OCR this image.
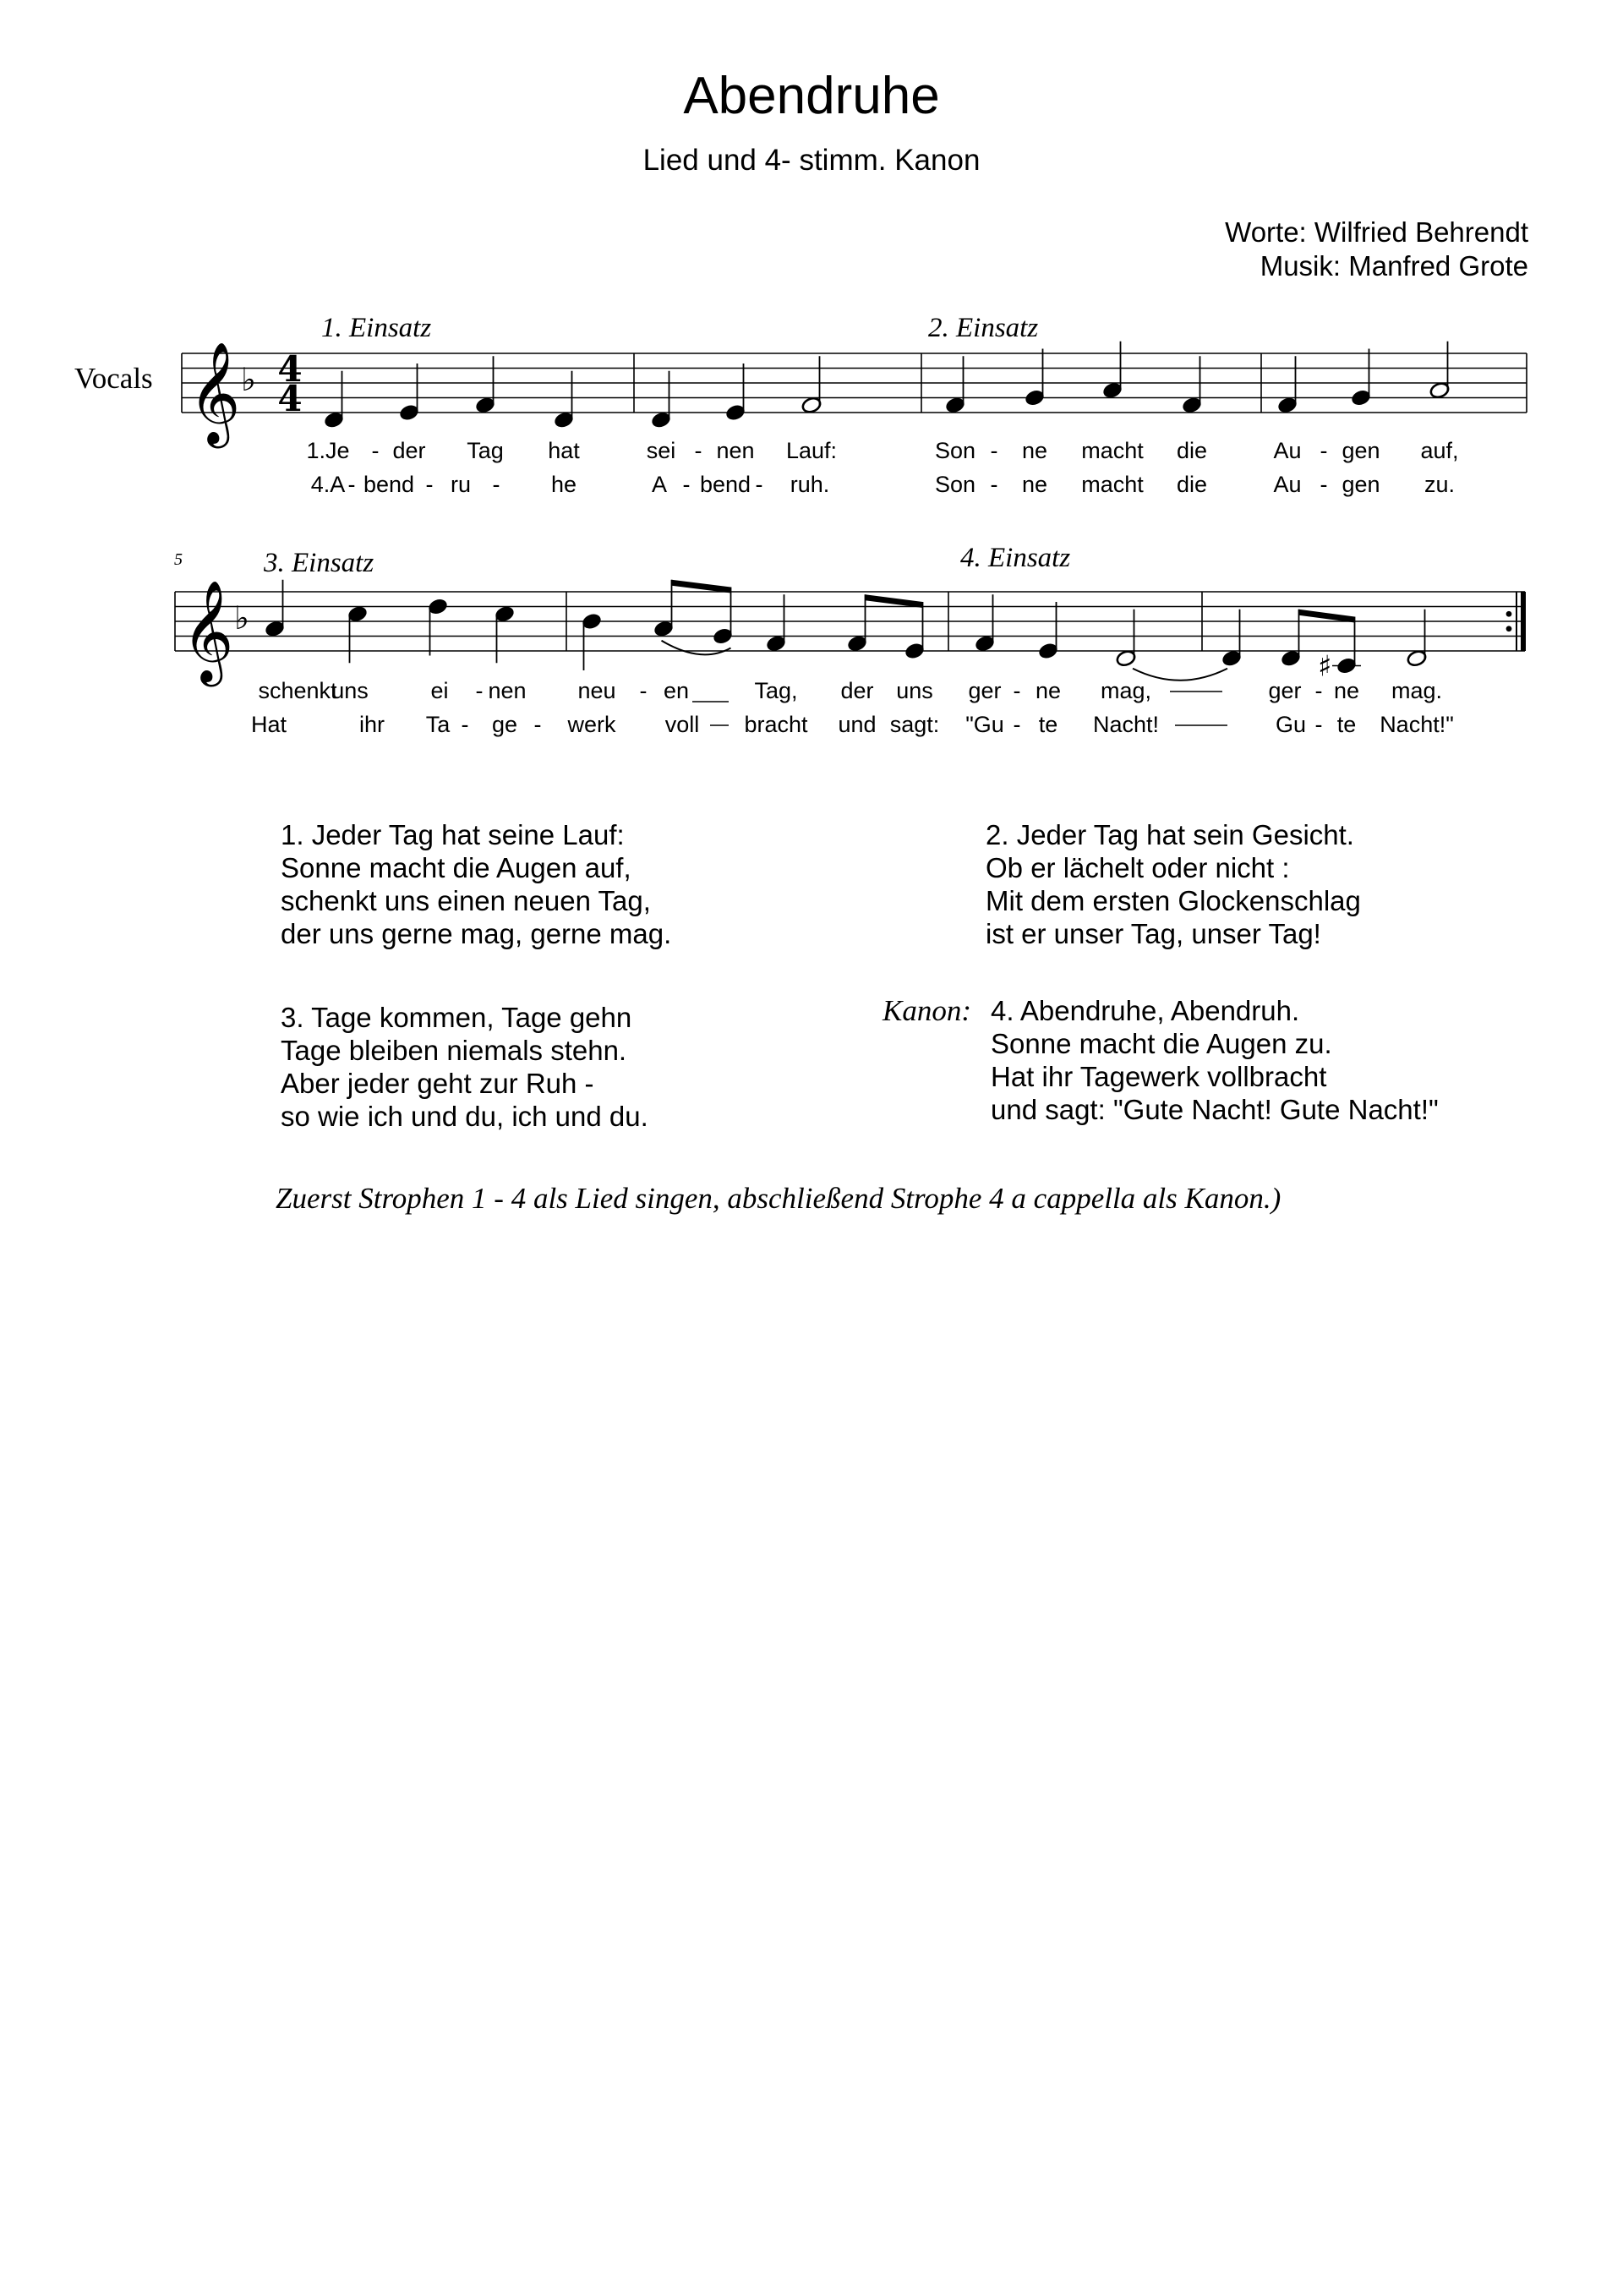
Abendruhe
Lied und 4- stimm. Kanon
Worte: Wilfried Behrendt
Musik: Manfred Grote
Vocals 𝄞 ♭ 4
4
1. Einsatz	2. Einsatz
1.Je - der Tag hat	sei - nen Lauf:	Son - ne macht die	Au - gen auf,
4.A - bend - ru - he	A - bend - ruh.	Son - ne macht die	Au - gen zu.
𝄞 ♭
5	3. Einsatz	4. Einsatz
♯
schenkt
uns	ei - nen neu - en	Tag, der uns ger - ne mag,	ger - ne mag.
Hat	ihr Ta - ge - werk voll bracht und sagt: "Gu - te Nacht!	Gu - te Nacht!"
1. Jeder Tag hat seine Lauf:
Sonne macht die Augen auf,
schenkt uns einen neuen Tag,
der uns gerne mag, gerne mag.
2. Jeder Tag hat sein Gesicht.
Ob er lächelt oder nicht :
Mit dem ersten Glockenschlag
ist er unser Tag, unser Tag!
3. Tage kommen, Tage gehn
Tage bleiben niemals stehn.
Aber jeder geht zur Ruh -
so wie ich und du, ich und du.
Kanon: 4. Abendruhe, Abendruh.
Sonne macht die Augen zu.
Hat ihr Tagewerk vollbracht
und sagt: "Gute Nacht! Gute Nacht!"
Zuerst Strophen 1 - 4 als Lied singen, abschließend Strophe 4 a cappella als Kanon.)
